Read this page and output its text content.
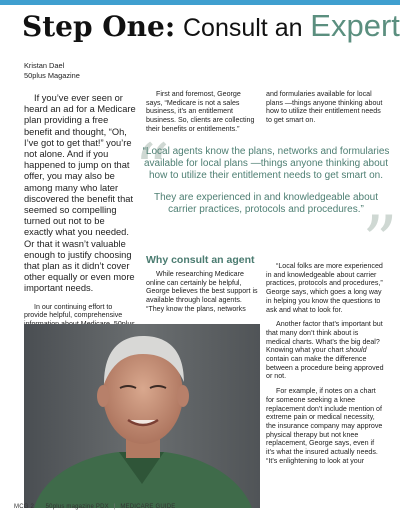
Step One: Consult an Expert
Kristan Dael
50plus Magazine

If you’ve ever seen or heard an ad for a Medicare plan providing a free benefit and thought, “Oh, I’ve got to get that!” you’re not alone. And if you happened to jump on that offer, you may also be among many who later discovered the benefit that seemed so compelling turned out not to be exactly what you needed. Or that it wasn’t valuable enough to justify choosing that plan as it didn’t cover other equally or even more important needs.

In our continuing effort to provide helpful, comprehensive

First and foremost, George says, “Medicare is not a sales business, it’s an entitlement business. So, clients are collecting their benefits or entitlements.”

and formularies available for local plans —things anyone thinking about how to utilize their entitlement needs to get smart on.

“
”

“Local agents know the plans, networks and formularies available for local plans —things anyone thinking about how to utilize their entitlement needs to get smart on.

They are experienced in and knowledgeable about carrier practices, protocols and procedures.”

Why consult an agent

While researching Medicare online can certainly be helpful, George believes the best support is available through local agents. “They know the plans, networks

“Local folks are more experienced in and knowledgeable about carrier practices, protocols and procedures,” George says, which goes a long way in helping you know the questions to ask and what to look for.

Another factor that’s important but that many don’t think about is medical charts. What’s the big deal? Knowing what your chart should contain can make the difference between a procedure being approved or not.

For example, if notes on a chart for someone seeking a knee replacement don’t include mention of extreme pain or medical necessity, the insurance company may approve physical therapy but not knee replacement, George says, even if it’s what the insured actually needs. “It’s enlightening to look at your

MCG 2 50plus magazine PDX | MEDICARE GUIDE
